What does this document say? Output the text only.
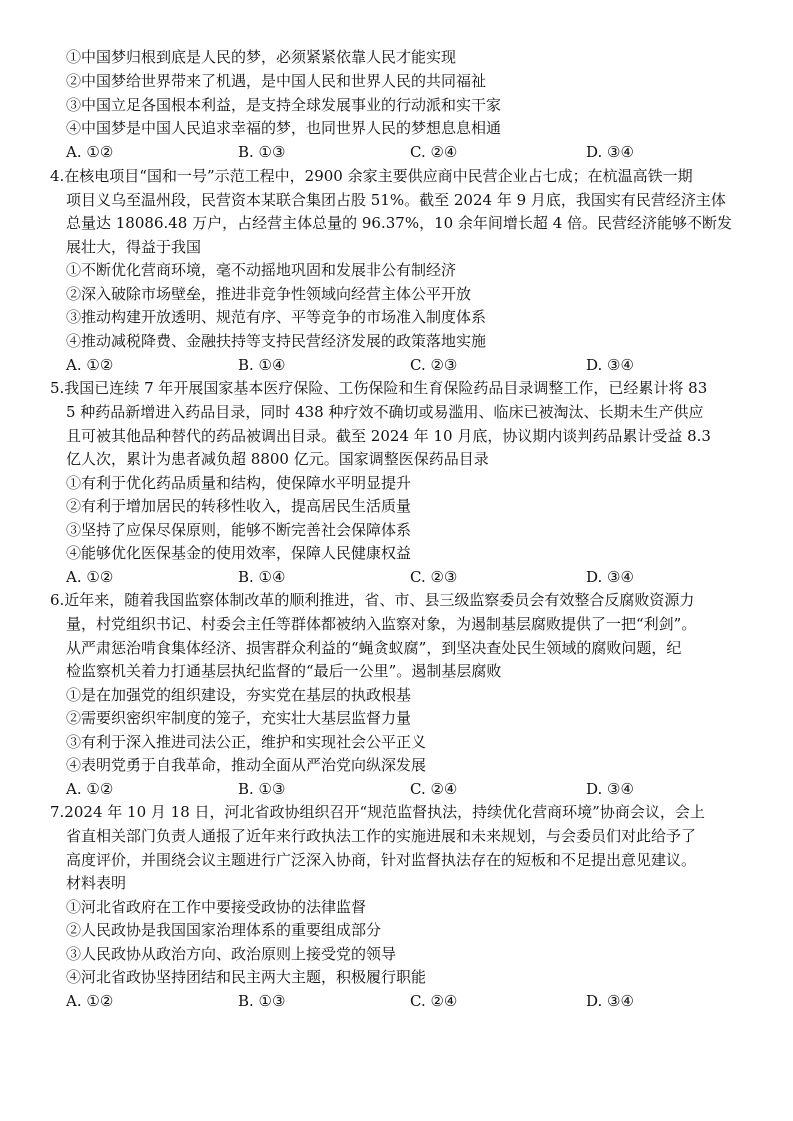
①中国梦归根到底是人民的梦，必须紧紧依靠人民才能实现
②中国梦给世界带来了机遇，是中国人民和世界人民的共同福祉
③中国立足各国根本利益，是支持全球发展事业的行动派和实干家
④中国梦是中国人民追求幸福的梦，也同世界人民的梦想息息相通
A. ①②	B. ①③	C. ②④	D. ③④
4.在核电项目“国和一号”示范工程中，2900 余家主要供应商中民营企业占七成；在杭温高铁一期
项目义乌至温州段，民营资本某联合集团占股 51%。截至 2024 年 9 月底，我国实有民营经济主体
总量达 18086.48 万户，占经营主体总量的 96.37%，10 余年间增长超 4 倍。民营经济能够不断发
展壮大，得益于我国
①不断优化营商环境，毫不动摇地巩固和发展非公有制经济
②深入破除市场壁垒，推进非竞争性领域向经营主体公平开放
③推动构建开放透明、规范有序、平等竞争的市场准入制度体系
④推动减税降费、金融扶持等支持民营经济发展的政策落地实施
A. ①②	B. ①④	C. ②③	D. ③④
5.我国已连续 7 年开展国家基本医疗保险、工伤保险和生育保险药品目录调整工作，已经累计将 83
5 种药品新增进入药品目录，同时 438 种疗效不确切或易滥用、临床已被淘汰、长期未生产供应
且可被其他品种替代的药品被调出目录。截至 2024 年 10 月底，协议期内谈判药品累计受益 8.3
亿人次，累计为患者减负超 8800 亿元。国家调整医保药品目录
①有利于优化药品质量和结构，使保障水平明显提升
②有利于增加居民的转移性收入，提高居民生活质量
③坚持了应保尽保原则，能够不断完善社会保障体系
④能够优化医保基金的使用效率，保障人民健康权益
A. ①②	B. ①④	C. ②③	D. ③④
6.近年来，随着我国监察体制改革的顺利推进，省、市、县三级监察委员会有效整合反腐败资源力
量，村党组织书记、村委会主任等群体都被纳入监察对象，为遏制基层腐败提供了一把“利剑”。
从严肃惩治啃食集体经济、损害群众利益的“蝇贪蚁腐”，到坚决查处民生领域的腐败问题，纪
检监察机关着力打通基层执纪监督的“最后一公里”。遏制基层腐败
①是在加强党的组织建设，夯实党在基层的执政根基
②需要织密织牢制度的笼子，充实壮大基层监督力量
③有利于深入推进司法公正，维护和实现社会公平正义
④表明党勇于自我革命，推动全面从严治党向纵深发展
A. ①②	B. ①③	C. ②④	D. ③④
7.2024 年 10 月 18 日，河北省政协组织召开“规范监督执法，持续优化营商环境”协商会议，会上
省直相关部门负责人通报了近年来行政执法工作的实施进展和未来规划，与会委员们对此给予了
高度评价，并围绕会议主题进行广泛深入协商，针对监督执法存在的短板和不足提出意见建议。
材料表明
①河北省政府在工作中要接受政协的法律监督
②人民政协是我国国家治理体系的重要组成部分
③人民政协从政治方向、政治原则上接受党的领导
④河北省政协坚持团结和民主两大主题，积极履行职能
A. ①②	B. ①③	C. ②④	D. ③④
